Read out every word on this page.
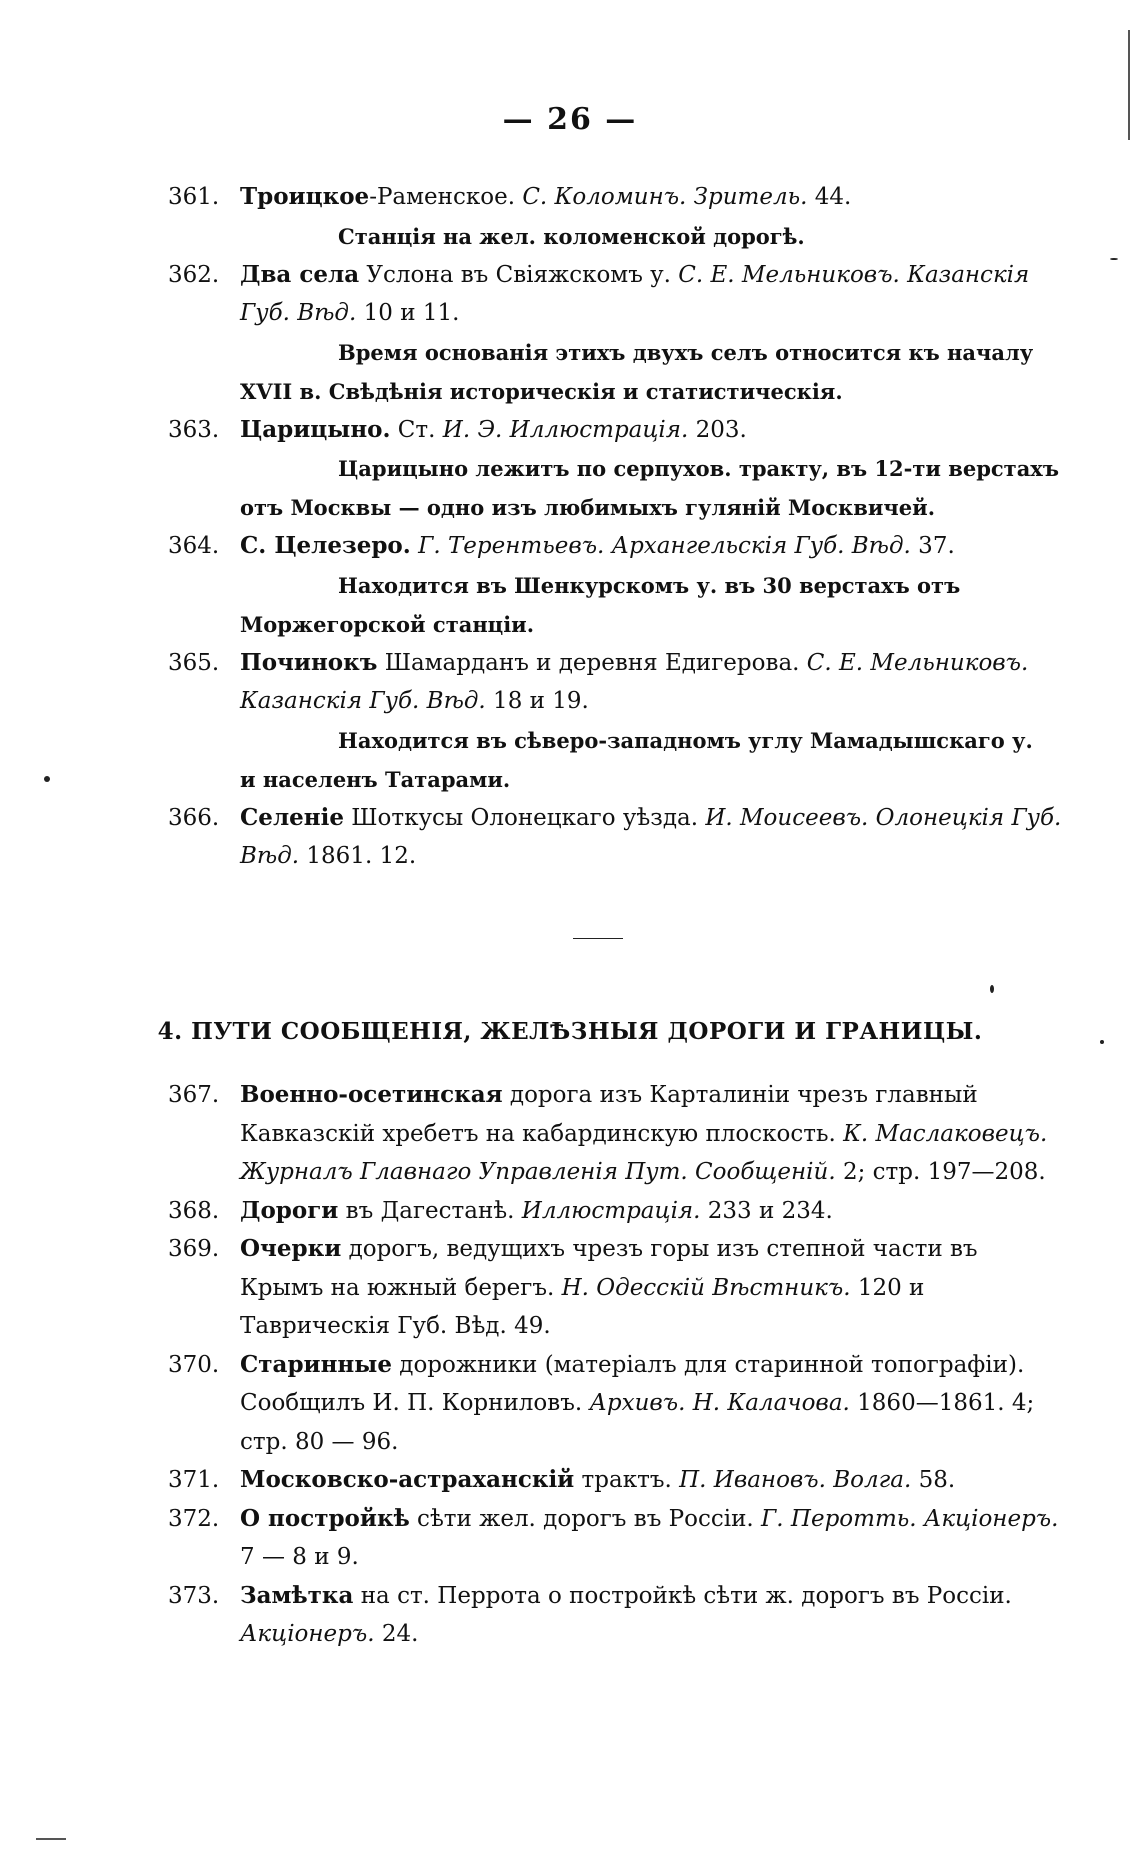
— 26 —
361. Троицкое-Раменское. С. Коломинъ. Зритель. 44.
Станція на жел. коломенской дорогѣ.
362. Два села Услона въ Свіяжскомъ у. С. Е. Мельниковъ. Казанскія Губ. Вѣд. 10 и 11.
Время основанія этихъ двухъ селъ относится къ началу
XVII в. Свѣдѣнія историческія и статистическія.
363. Царицыно. Ст. И. Э. Иллюстрація. 203.
Царицыно лежитъ по серпухов. тракту, въ 12-ти верстахъ
отъ Москвы — одно изъ любимыхъ гуляній Москвичей.
364. С. Целезеро. Г. Терентьевъ. Архангельскія Губ. Вѣд. 37.
Находится въ Шенкурскомъ у. въ 30 верстахъ отъ
Моржегорской станціи.
365. Починокъ Шамарданъ и деревня Едигерова. С. Е. Мельниковъ. Казанскія Губ. Вѣд. 18 и 19.
Находится въ сѣверо-западномъ углу Мамадышскаго у.
и населенъ Татарами.
366. Селеніе Шоткусы Олонецкаго уѣзда. И. Моисеевъ. Олонецкія Губ. Вѣд. 1861. 12.
4. ПУТИ СООБЩЕНІЯ, ЖЕЛѢЗНЫЯ ДОРОГИ И ГРАНИЦЫ.
367. Военно-осетинская дорога изъ Карталиніи чрезъ главный Кавказскій хребетъ на кабардинскую плоскость. К. Маслаковецъ. Журналъ Главнаго Управленія Пут. Сообщеній. 2; стр. 197—208.
368. Дороги въ Дагестанѣ. Иллюстрація. 233 и 234.
369. Очерки дорогъ, ведущихъ чрезъ горы изъ степной части въ Крымъ на южный берегъ. Н. Одесскій Вѣстникъ. 120 и Таврическія Губ. Вѣд. 49.
370. Старинные дорожники (матеріалъ для старинной топографіи). Сообщилъ И. П. Корниловъ. Архивъ. Н. Калачова. 1860—1861. 4; стр. 80 — 96.
371. Московско-астраханскій трактъ. П. Ивановъ. Волга. 58.
372. О постройкѣ сѣти жел. дорогъ въ Россіи. Г. Перотть. Акціонеръ. 7 — 8 и 9.
373. Замѣтка на ст. Перрота о постройкѣ сѣти ж. дорогъ въ Россіи. Акціонеръ. 24.
